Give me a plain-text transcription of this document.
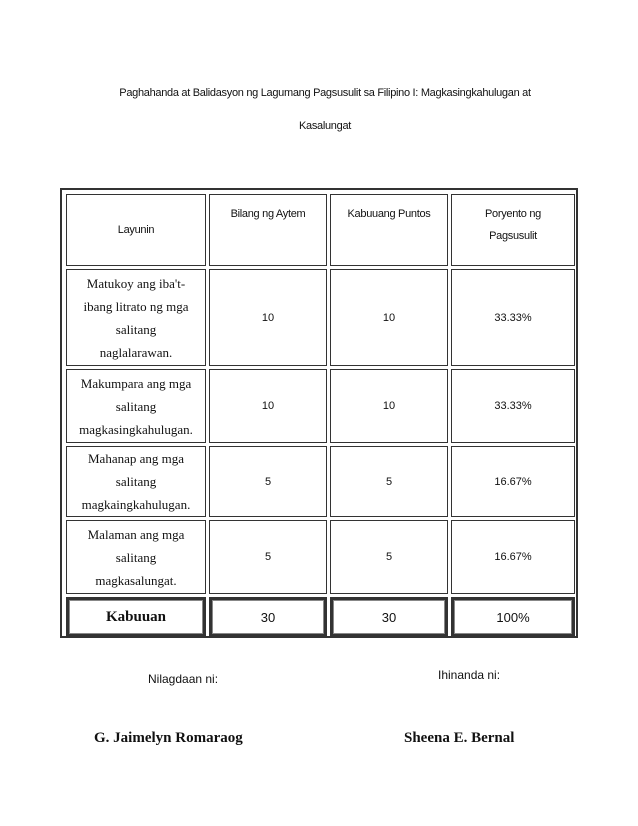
Paghahanda at Balidasyon ng Lagumang Pagsusulit sa Filipino I: Magkasingkahulugan at
Kasalungat
Layunin	Bilang ng Aytem	Kabuuang Puntos	Poryento ng
Pagsusulit

Matukoy ang iba't-
ibang litrato ng mga
salitang
naglalarawan.	10	10	33.33%

Makumpara ang mga
salitang
magkasingkahulugan.	10	10	33.33%

Mahanap ang mga
salitang
magkaingkahulugan.	5	5	16.67%

Malaman ang mga
salitang
magkasalungat.	5	5	16.67%
Kabuuan	30	30	100%
Nilagdaan ni:	Ihinanda ni:
G. Jaimelyn Romaraog	Sheena E. Bernal
